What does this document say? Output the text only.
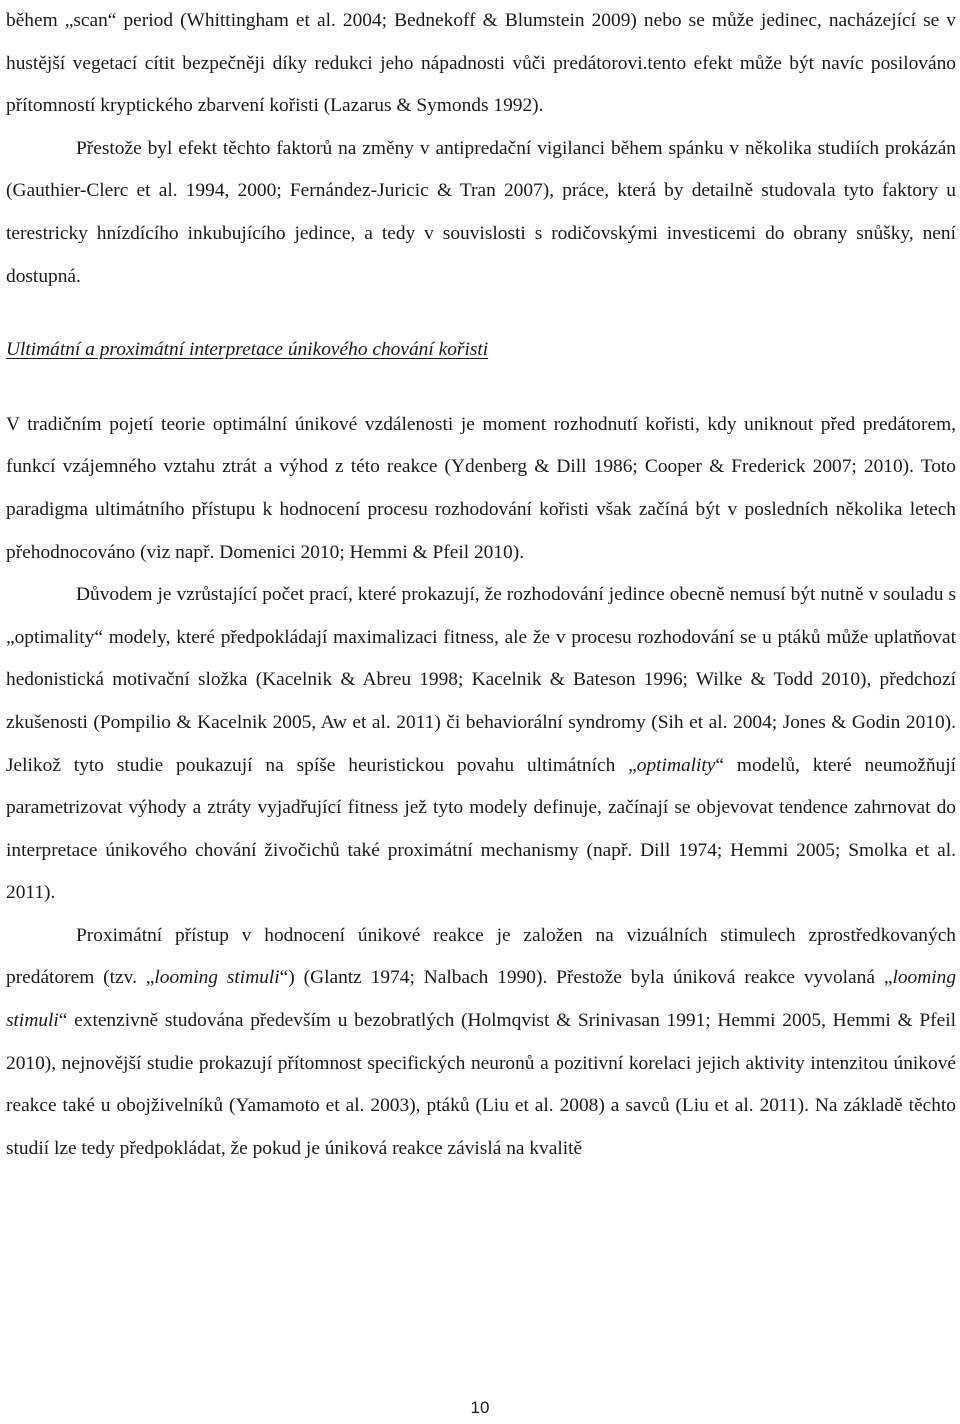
během „scan“ period (Whittingham et al. 2004; Bednekoff & Blumstein 2009) nebo se může jedinec, nacházející se v hustější vegetací cítit bezpečněji díky redukci jeho nápadnosti vůči predátorovi.tento efekt může být navíc posilováno přítomností kryptického zbarvení kořisti (Lazarus & Symonds 1992).

Přestože byl efekt těchto faktorů na změny v antipredační vigilanci během spánku v několika studiích prokázán (Gauthier-Clerc et al. 1994, 2000; Fernández-Juricic & Tran 2007), práce, která by detailně studovala tyto faktory u terestricky hnízdícího inkubujícího jedince, a tedy v souvislosti s rodičovskými investicemi do obrany snůšky, není dostupná.

Ultimátní a proximátní interpretace únikového chování kořisti

V tradičním pojetí teorie optimální únikové vzdálenosti je moment rozhodnutí kořisti, kdy uniknout před predátorem, funkcí vzájemného vztahu ztrát a výhod z této reakce (Ydenberg & Dill 1986; Cooper & Frederick 2007; 2010). Toto paradigma ultimátního přístupu k hodnocení procesu rozhodování kořisti však začíná být v posledních několika letech přehodnocováno (viz např. Domenici 2010; Hemmi & Pfeil 2010).

Důvodem je vzrůstající počet prací, které prokazují, že rozhodování jedince obecně nemusí být nutně v souladu s „optimality“ modely, které předpokládají maximalizaci fitness, ale že v procesu rozhodování se u ptáků může uplatňovat hedonistická motivační složka (Kacelnik & Abreu 1998; Kacelnik & Bateson 1996; Wilke & Todd 2010), předchozí zkušenosti (Pompilio & Kacelnik 2005, Aw et al. 2011) či behaviorální syndromy (Sih et al. 2004; Jones & Godin 2010). Jelikož tyto studie poukazují na spíše heuristickou povahu ultimátních „optimality“ modelů, které neumožňují parametrizovat výhody a ztráty vyjadřující fitness jež tyto modely definuje, začínají se objevovat tendence zahrnovat do interpretace únikového chování živočichů také proximátní mechanismy (např. Dill 1974; Hemmi 2005; Smolka et al. 2011).

Proximátní přístup v hodnocení únikové reakce je založen na vizuálních stimulech zprostředkovaných predátorem (tzv. „looming stimuli“) (Glantz 1974; Nalbach 1990). Přestože byla úniková reakce vyvolaná „looming stimuli“ extenzivně studována především u bezobratlých (Holmqvist & Srinivasan 1991; Hemmi 2005, Hemmi & Pfeil 2010), nejnovější studie prokazují přítomnost specifických neuronů a pozitivní korelaci jejich aktivity intenzitou únikové reakce také u obojživelníků (Yamamoto et al. 2003), ptáků (Liu et al. 2008) a savců (Liu et al. 2011). Na základě těchto studií lze tedy předpokládat, že pokud je úniková reakce závislá na kvalitě

10
